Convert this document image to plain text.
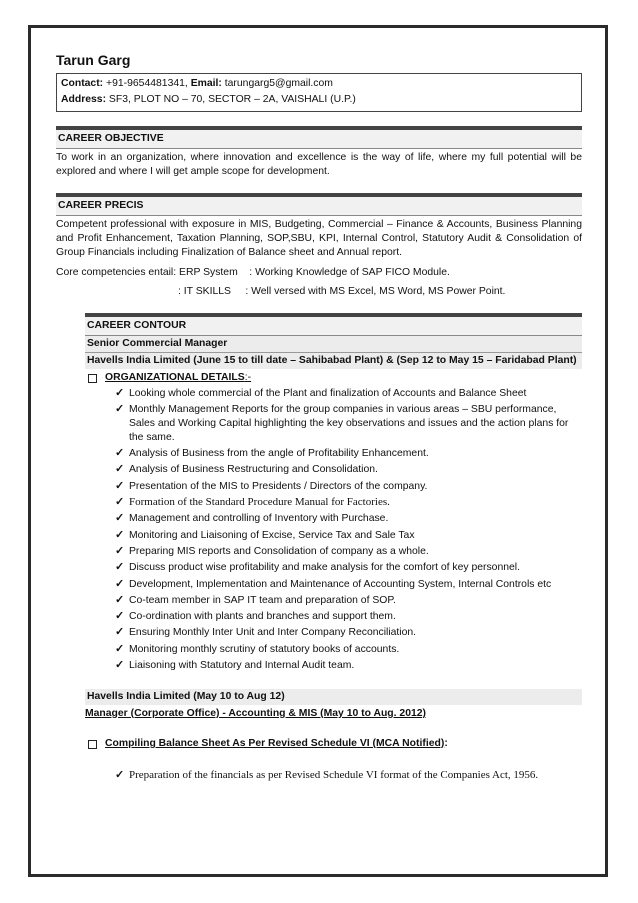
Tarun Garg
Contact: +91-9654481341, Email: tarungarg5@gmail.com
Address: SF3, PLOT NO – 70, SECTOR – 2A, VAISHALI (U.P.)
CAREER OBJECTIVE

To work in an organization, where innovation and excellence is the way of life, where my full potential will be explored and where I will get ample scope for development.

CAREER PRECIS

Competent professional with exposure in MIS, Budgeting, Commercial – Finance & Accounts, Business Planning and Profit Enhancement, Taxation Planning, SOP,SBU, KPI, Internal Control, Statutory Audit & Consolidation of Group Financials including Finalization of Balance sheet and Annual report.

Core competencies entail: ERP System : Working Knowledge of SAP FICO Module.
: IT SKILLS : Well versed with MS Excel, MS Word, MS Power Point.
CAREER CONTOUR
Senior Commercial Manager
Havells India Limited (June 15 to till date – Sahibabad Plant) & (Sep 12 to May 15 – Faridabad Plant)
ORGANIZATIONAL DETAILS :-
✓ Looking whole commercial of the Plant and finalization of Accounts and Balance Sheet
✓ Monthly Management Reports for the group companies in various areas – SBU performance, Sales and Working Capital highlighting the key observations and issues and the action plans for the same.
✓ Analysis of Business from the angle of Profitability Enhancement.
✓ Analysis of Business Restructuring and Consolidation.
✓ Presentation of the MIS to Presidents / Directors of the company.
✓ Formation of the Standard Procedure Manual for Factories.
✓ Management and controlling of Inventory with Purchase.
✓ Monitoring and Liaisoning of Excise, Service Tax and Sale Tax
✓ Preparing MIS reports and Consolidation of company as a whole.
✓ Discuss product wise profitability and make analysis for the comfort of key personnel.
✓ Development, Implementation and Maintenance of Accounting System, Internal Controls etc
✓ Co-team member in SAP IT team and preparation of SOP.
✓ Co-ordination with plants and branches and support them.
✓ Ensuring Monthly Inter Unit and Inter Company Reconciliation.
✓ Monitoring monthly scrutiny of statutory books of accounts.
✓ Liaisoning with Statutory and Internal Audit team.
Havells India Limited (May 10 to Aug 12)
Manager (Corporate Office) - Accounting & MIS (May 10 to Aug. 2012)
Compiling Balance Sheet As Per Revised Schedule VI (MCA Notified) :
✓ Preparation of the financials as per Revised Schedule VI format of the Companies Act, 1956.
